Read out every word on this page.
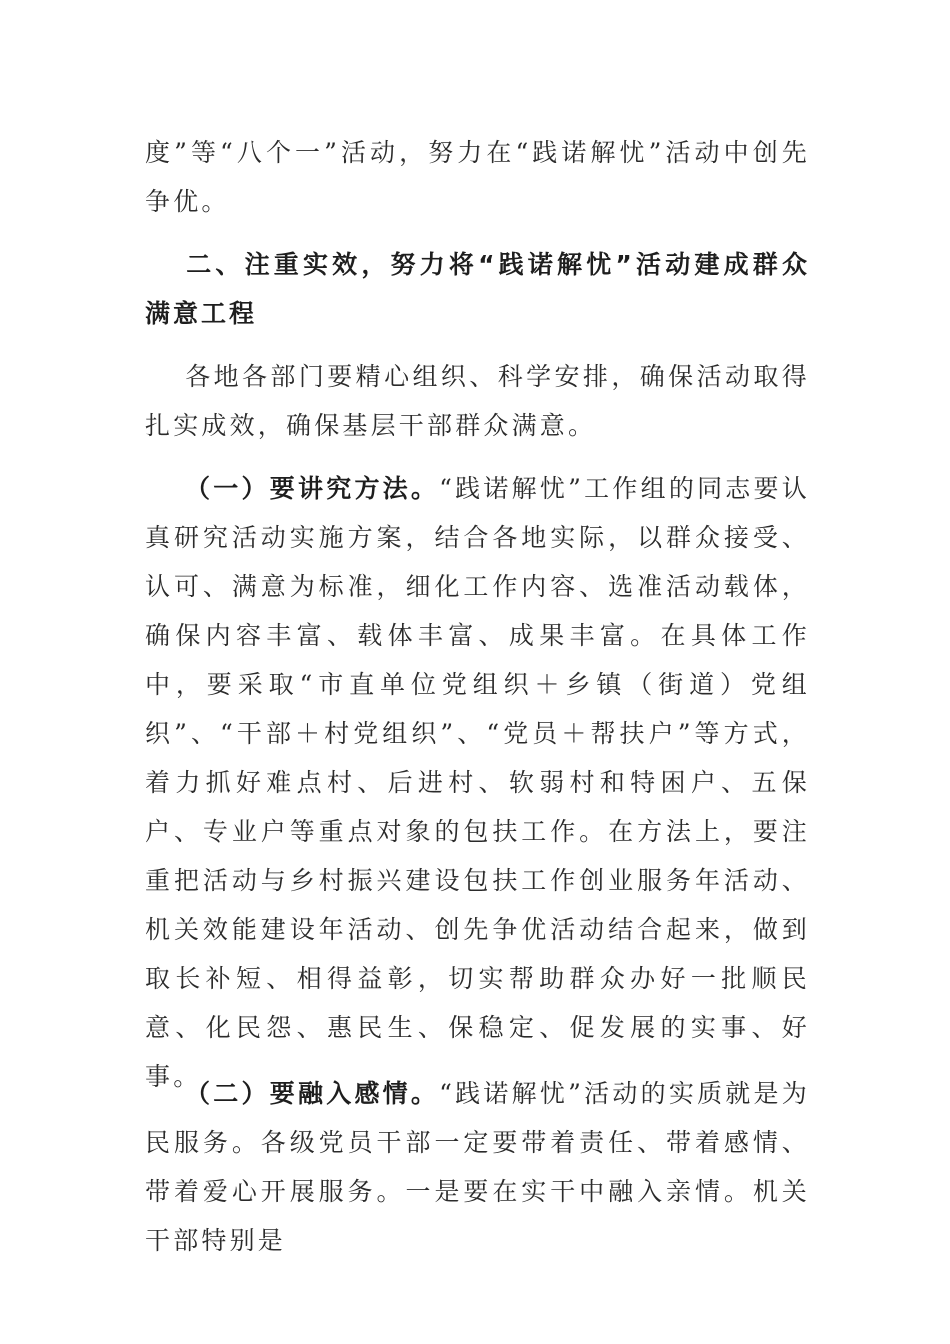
度”等“八个一”活动，努力在“践诺解忧”活动中创先争优。

二、注重实效，努力将“践诺解忧”活动建成群众满意工程

各地各部门要精心组织、科学安排，确保活动取得扎实成效，确保基层干部群众满意。

（一）要讲究方法。“践诺解忧”工作组的同志要认真研究活动实施方案，结合各地实际，以群众接受、认可、满意为标准，细化工作内容、选准活动载体，确保内容丰富、载体丰富、成果丰富。在具体工作中，要采取“市直单位党组织＋乡镇（街道）党组织”、“干部＋村党组织”、“党员＋帮扶户”等方式，着力抓好难点村、后进村、软弱村和特困户、五保户、专业户等重点对象的包扶工作。在方法上，要注重把活动与乡村振兴建设包扶工作创业服务年活动、机关效能建设年活动、创先争优活动结合起来，做到取长补短、相得益彰，切实帮助群众办好一批顺民意、化民怨、惠民生、保稳定、促发展的实事、好事。

（二）要融入感情。“践诺解忧”活动的实质就是为民服务。各级党员干部一定要带着责任、带着感情、带着爱心开展服务。一是要在实干中融入亲情。机关干部特别是
